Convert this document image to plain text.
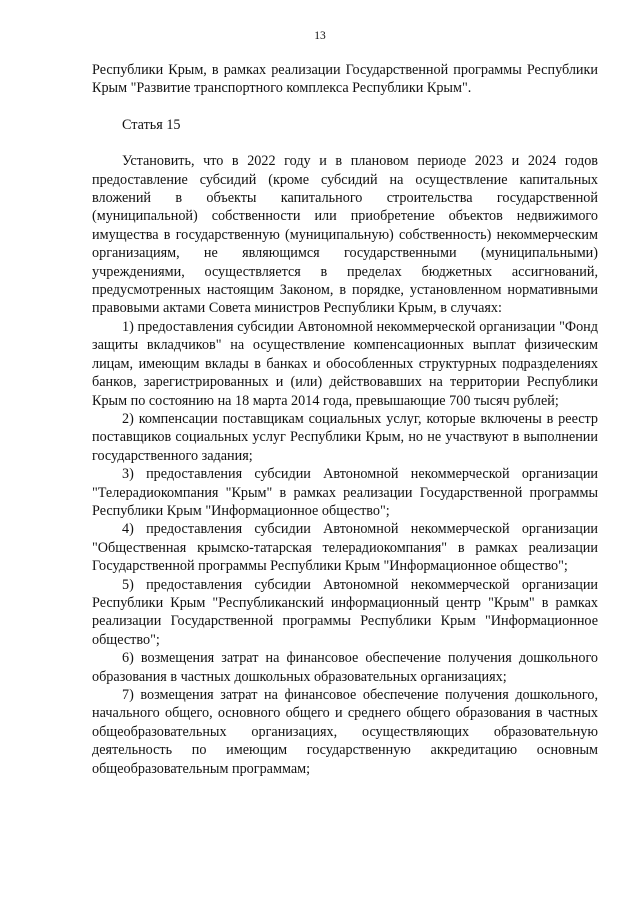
13

Республики Крым, в рамках реализации Государственной программы Республики Крым "Развитие транспортного комплекса Республики Крым".

Статья 15

Установить, что в 2022 году и в плановом периоде 2023 и 2024 годов предоставление субсидий (кроме субсидий на осуществление капитальных вложений в объекты капитального строительства государственной (муниципальной) собственности или приобретение объектов недвижимого имущества в государственную (муниципальную) собственность) некоммерческим организациям, не являющимся государственными (муниципальными) учреждениями, осуществляется в пределах бюджетных ассигнований, предусмотренных настоящим Законом, в порядке, установленном нормативными правовыми актами Совета министров Республики Крым, в случаях:

1) предоставления субсидии Автономной некоммерческой организации "Фонд защиты вкладчиков" на осуществление компенсационных выплат физическим лицам, имеющим вклады в банках и обособленных структурных подразделениях банков, зарегистрированных и (или) действовавших на территории Республики Крым по состоянию на 18 марта 2014 года, превышающие 700 тысяч рублей;

2) компенсации поставщикам социальных услуг, которые включены в реестр поставщиков социальных услуг Республики Крым, но не участвуют в выполнении государственного задания;

3) предоставления субсидии Автономной некоммерческой организации "Телерадиокомпания "Крым" в рамках реализации Государственной программы Республики Крым "Информационное общество";

4) предоставления субсидии Автономной некоммерческой организации "Общественная крымско-татарская телерадиокомпания" в рамках реализации Государственной программы Республики Крым "Информационное общество";

5) предоставления субсидии Автономной некоммерческой организации Республики Крым "Республиканский информационный центр "Крым" в рамках реализации Государственной программы Республики Крым "Информационное общество";

6) возмещения затрат на финансовое обеспечение получения дошкольного образования в частных дошкольных образовательных организациях;

7) возмещения затрат на финансовое обеспечение получения дошкольного, начального общего, основного общего и среднего общего образования в частных общеобразовательных организациях, осуществляющих образовательную деятельность по имеющим государственную аккредитацию основным общеобразовательным программам;
